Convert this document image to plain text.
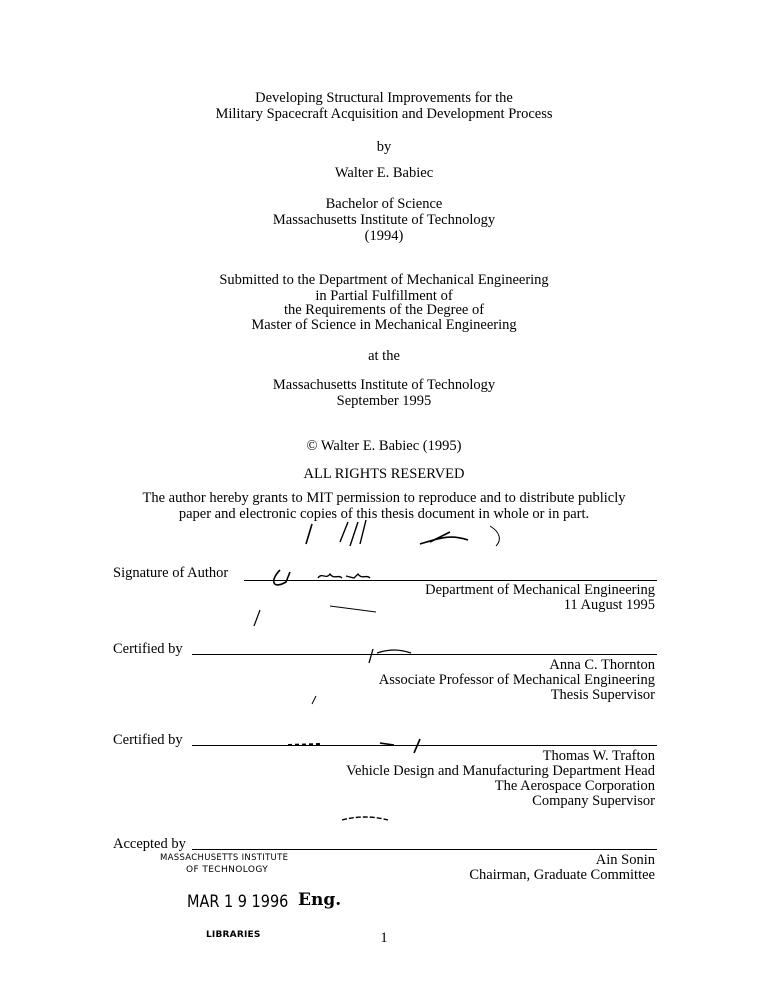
Developing Structural Improvements for the
Military Spacecraft Acquisition and Development Process
by
Walter E. Babiec
Bachelor of Science
Massachusetts Institute of Technology
(1994)
Submitted to the Department of Mechanical Engineering
in Partial Fulfillment of
the Requirements of the Degree of
Master of Science in Mechanical Engineering
at the
Massachusetts Institute of Technology
September 1995
© Walter E. Babiec (1995)
ALL RIGHTS RESERVED
The author hereby grants to MIT permission to reproduce and to distribute publicly
paper and electronic copies of this thesis document in whole or in part.
Signature of Author
Department of Mechanical Engineering
11 August 1995
Certified by
Anna C. Thornton
Associate Professor of Mechanical Engineering
Thesis Supervisor
Certified by
Thomas W. Trafton
Vehicle Design and Manufacturing Department Head
The Aerospace Corporation
Company Supervisor
Accepted by
Ain Sonin
Chairman, Graduate Committee
MASSACHUSETTS INSTITUTE
OF TECHNOLOGY
MAR 1 9 1996 Eng.
LIBRARIES	1
